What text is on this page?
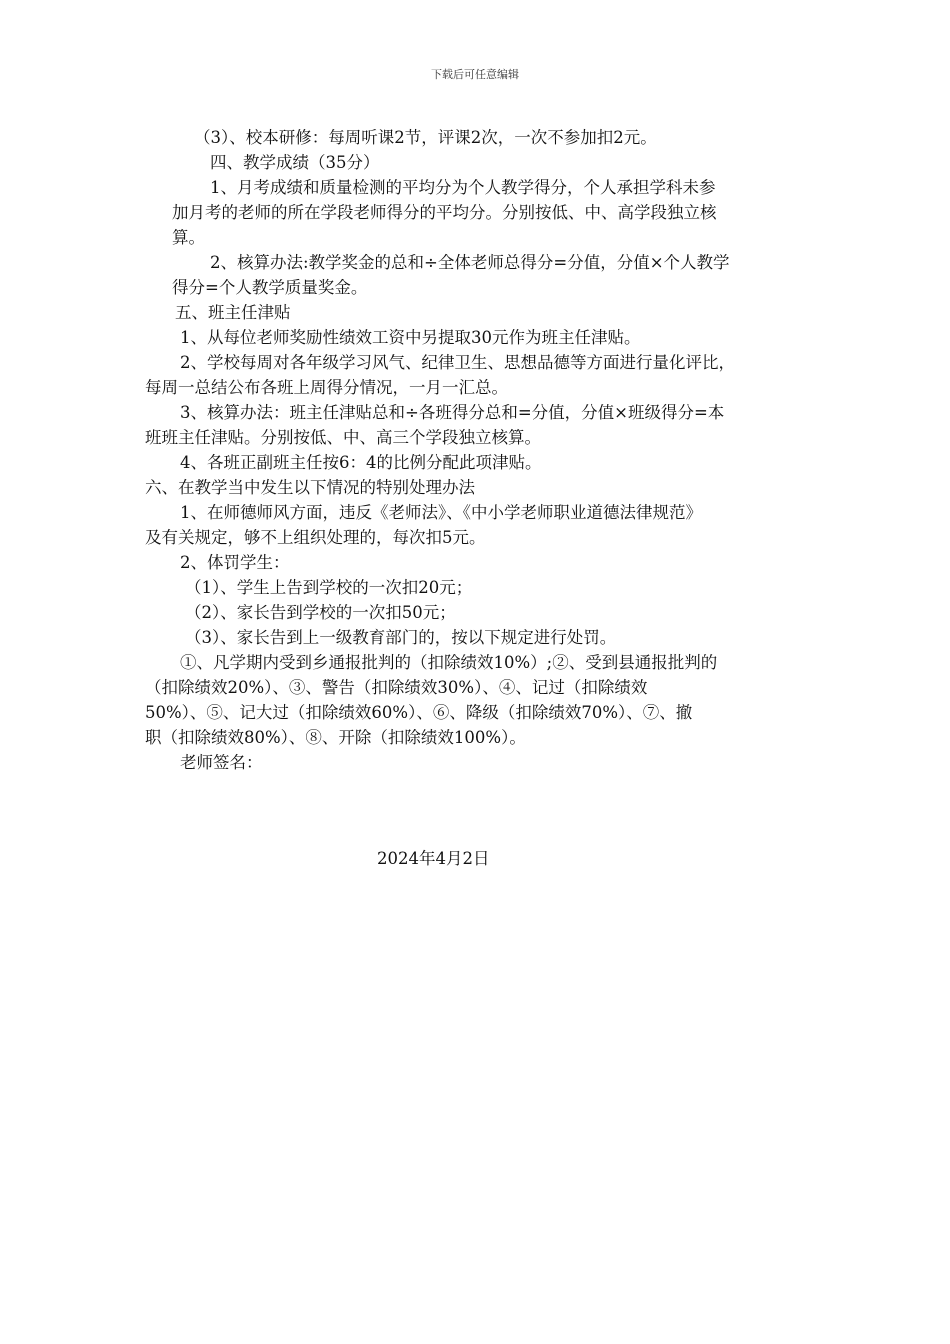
下载后可任意编辑
（3）、校本研修：每周听课2节，评课2次，一次不参加扣2元。
四、教学成绩（35分）
1、月考成绩和质量检测的平均分为个人教学得分，个人承担学科未参
加月考的老师的所在学段老师得分的平均分。分别按低、中、高学段独立核
算。
2、核算办法:教学奖金的总和÷全体老师总得分=分值，分值×个人教学
得分=个人教学质量奖金。
五、班主任津贴
1、从每位老师奖励性绩效工资中另提取30元作为班主任津贴。
2、学校每周对各年级学习风气、纪律卫生、思想品德等方面进行量化评比，
每周一总结公布各班上周得分情况，一月一汇总。
3、核算办法：班主任津贴总和÷各班得分总和=分值，分值×班级得分=本
班班主任津贴。分别按低、中、高三个学段独立核算。
4、各班正副班主任按6：4的比例分配此项津贴。
六、在教学当中发生以下情况的特别处理办法
1、在师德师风方面，违反《老师法》、《中小学老师职业道德法律规范》
及有关规定，够不上组织处理的，每次扣5元。
2、体罚学生：
（1）、学生上告到学校的一次扣20元；
（2）、家长告到学校的一次扣50元；
（3）、家长告到上一级教育部门的，按以下规定进行处罚。
①、凡学期内受到乡通报批判的（扣除绩效10%）;②、受到县通报批判的
（扣除绩效20%）、③、警告（扣除绩效30%）、④、记过（扣除绩效
50%）、⑤、记大过（扣除绩效60%）、⑥、降级（扣除绩效70%）、⑦、撤
职（扣除绩效80%）、⑧、开除（扣除绩效100%）。
老师签名：
2024年4月2日
